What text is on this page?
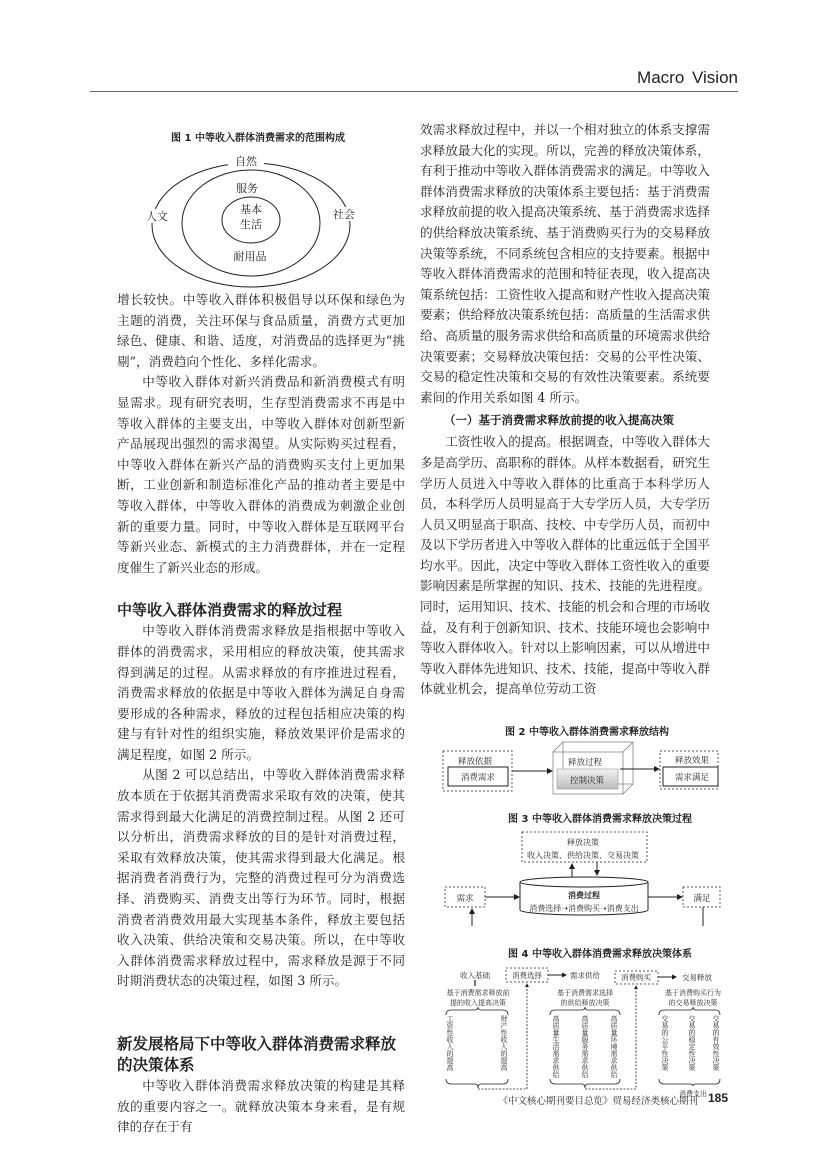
Macro Vision
图 1 中等收入群体消费需求的范围构成
自然
服务
基本
生活
耐用品
人文	社会

增长较快。中等收入群体积极倡导以环保和绿色为主题的消费，关注环保与食品质量，消费方式更加绿色、健康、和谐、适度，对消费品的选择更为“挑剔”，消费趋向个性化、多样化需求。

中等收入群体对新兴消费品和新消费模式有明显需求。现有研究表明，生存型消费需求不再是中等收入群体的主要支出，中等收入群体对创新型新产品展现出强烈的需求渴望。从实际购买过程看，中等收入群体在新兴产品的消费购买支付上更加果断，工业创新和制造标准化产品的推动者主要是中等收入群体，中等收入群体的消费成为刺激企业创新的重要力量。同时，中等收入群体是互联网平台等新兴业态、新模式的主力消费群体，并在一定程度催生了新兴业态的形成。

中等收入群体消费需求的释放过程

中等收入群体消费需求释放是指根据中等收入群体的消费需求，采用相应的释放决策，使其需求得到满足的过程。从需求释放的有序推进过程看，消费需求释放的依据是中等收入群体为满足自身需要形成的各种需求，释放的过程包括相应决策的构建与有针对性的组织实施，释放效果评价是需求的满足程度，如图 2 所示。

从图 2 可以总结出，中等收入群体消费需求释放本质在于依据其消费需求采取有效的决策，使其需求得到最大化满足的消费控制过程。从图 2 还可以分析出，消费需求释放的目的是针对消费过程，采取有效释放决策，使其需求得到最大化满足。根据消费者消费行为，完整的消费过程可分为消费选择、消费购买、消费支出等行为环节。同时，根据消费者消费效用最大实现基本条件，释放主要包括收入决策、供给决策和交易决策。所以，在中等收入群体消费需求释放过程中，需求释放是源于不同时期消费状态的决策过程，如图 3 所示。

新发展格局下中等收入群体消费需求释放的决策体系

中等收入群体消费需求释放决策的构建是其释放的重要内容之一。就释放决策本身来看，是有规律的存在于有

效需求释放过程中，并以一个相对独立的体系支撑需求释放最大化的实现。所以，完善的释放决策体系，有利于推动中等收入群体消费需求的满足。中等收入群体消费需求释放的决策体系主要包括：基于消费需求释放前提的收入提高决策系统、基于消费需求选择的供给释放决策系统、基于消费购买行为的交易释放决策等系统，不同系统包含相应的支持要素。根据中等收入群体消费需求的范围和特征表现，收入提高决策系统包括：工资性收入提高和财产性收入提高决策要素；供给释放决策系统包括：高质量的生活需求供给、高质量的服务需求供给和高质量的环境需求供给决策要素；交易释放决策包括：交易的公平性决策、交易的稳定性决策和交易的有效性决策要素。系统要素间的作用关系如图 4 所示。

（一）基于消费需求释放前提的收入提高决策

工资性收入的提高。根据调查，中等收入群体大多是高学历、高职称的群体。从样本数据看，研究生学历人员进入中等收入群体的比重高于本科学历人员，本科学历人员明显高于大专学历人员，大专学历人员又明显高于职高、技校、中专学历人员，而初中及以下学历者进入中等收入群体的比重远低于全国平均水平。因此，决定中等收入群体工资性收入的重要影响因素是所掌握的知识、技术、技能的先进程度。同时，运用知识、技术、技能的机会和合理的市场收益，及有利于创新知识、技术、技能环境也会影响中等收入群体收入。针对以上影响因素，可以从增进中等收入群体先进知识、技术、技能，提高中等收入群体就业机会，提高单位劳动工资

图 2 中等收入群体消费需求释放结构
释放依据
消费需求
释放过程
控制决策
释放效果
需求满足
图 3 中等收入群体消费需求释放决策过程
释放决策
收入决策、供给决策、交易决策
消费过程
消费选择➝消费购买➝消费支出
需求	满足
图 4 中等收入群体消费需求释放决策体系
收入基础	消费选择	需求供给	消费购买	交易释放
基于消费需求释放前
提的收入提高决策
基于消费需求选择
的供给释放决策
基于消费购买行为
的交易释放决策
消费支出
工资性收入的提高	财产性收入的提高	高质量生活需求供给	高质量服务需求供给	高质量环境需求供给	交易的公平性决策	交易的稳定性决策 交易的有效性决策
《中文核心期刊要目总览》贸易经济类核心期刊 185
